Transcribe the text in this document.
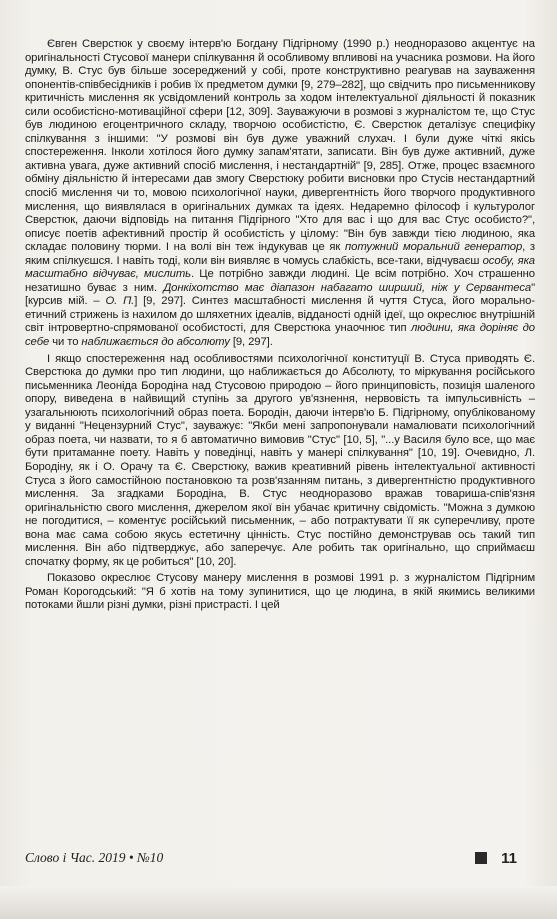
Євген Сверстюк у своєму інтерв'ю Богдану Підгірному (1990 р.) неодноразово акцентує на оригінальності Стусової манери спілкування й особливому впливові на учасника розмови. На його думку, В. Стус був більше зосереджений у собі, проте конструктивно реагував на зауваження опонентів-співбесідників і робив їх предметом думки [9, 279–282], що свідчить про письменникову критичність мислення як усвідомлений контроль за ходом інтелектуальної діяльності й показник сили особистісно-мотиваційної сфери [12, 309]. Зауважуючи в розмові з журналістом те, що Стус був людиною егоцентричного складу, творчою особистістю, Є. Сверстюк деталізує специфіку спілкування з іншими: "У розмові він був дуже уважний слухач. І були дуже чіткі якісь спостереження. Інколи хотілося його думку запам'ятати, записати. Він був дуже активний, дуже активна увага, дуже активний спосіб мислення, і нестандартній" [9, 285]. Отже, процес взаємного обміну діяльністю й інтересами дав змогу Сверстюку робити висновки про Стусів нестандартний спосіб мислення чи то, мовою психологічної науки, дивергентність його творчого продуктивного мислення, що виявлялася в оригінальних думках та ідеях. Недаремно філософ і культуролог Сверстюк, даючи відповідь на питання Підгірного "Хто для вас і що для вас Стус особисто?", описує поетів афективний простір й особистість у цілому: "Він був завжди тією людиною, яка складає половину тюрми. І на волі він теж індукував це як потужний моральний генератор, з яким спілкуєшся. І навіть тоді, коли він виявляє в чомусь слабкість, все-таки, відчуваєш особу, яка масштабно відчуває, мислить. Це потрібно завжди людині. Це всім потрібно. Хоч страшенно незатишно буває з ним. Донкіхотство має діапазон набагато ширший, ніж у Сервантеса" [курсив мій. – О. П.] [9, 297]. Синтез масштабності мислення й чуття Стуса, його морально-етичний стрижень із нахилом до шляхетних ідеалів, відданості одній ідеї, що окреслює внутрішній світ інтровертно-спрямованої особистості, для Сверстюка унаочнює тип людини, яка доріняє до себе чи то наближається до абсолюту [9, 297].

І якщо спостереження над особливостями психологічної конституції В. Стуса приводять Є. Сверстюка до думки про тип людини, що наближається до Абсолюту, то міркування російського письменника Леоніда Бородіна над Стусовою природою – його принциповість, позиція шаленого опору, виведена в найвищий ступінь за другого ув'язнення, нервовість та імпульсивність – узагальнюють психологічний образ поета. Бородін, даючи інтерв'ю Б. Підгірному, опублікованому у виданні "Нецензурний Стус", зауважує: "Якби мені запропонували намалювати психологічний образ поета, чи назвати, то я б автоматично вимовив "Стус" [10, 5], "...у Василя було все, що має бути притаманне поету. Навіть у поведінці, навіть у манері спілкування" [10, 19]. Очевидно, Л. Бородіну, як і О. Орачу та Є. Сверстюку, важив креативний рівень інтелектуальної активності Стуса з його самостійною постановкою та розв'язанням питань, з дивергентністю продуктивного мислення. За згадками Бородіна, В. Стус неодноразово вражав товариша-спів'язня оригінальністю свого мислення, джерелом якої він убачає критичну свідомість. "Можна з думкою не погодитися, – коментує російський письменник, – або потрактувати її як суперечливу, проте вона має сама собою якусь естетичну цінність. Стус постійно демонстрував ось такий тип мислення. Він або підтверджує, або заперечує. Але робить так оригінально, що сприймаєш спочатку форму, як це робиться" [10, 20].

Показово окреслює Стусову манеру мислення в розмові 1991 р. з журналістом Підгірним Роман Корогодський: "Я б хотів на тому зупинитися, що це людина, в якій якимись великими потоками йшли різні думки, різні пристрасті. І цей

Слово і Час. 2019 • №10	11
